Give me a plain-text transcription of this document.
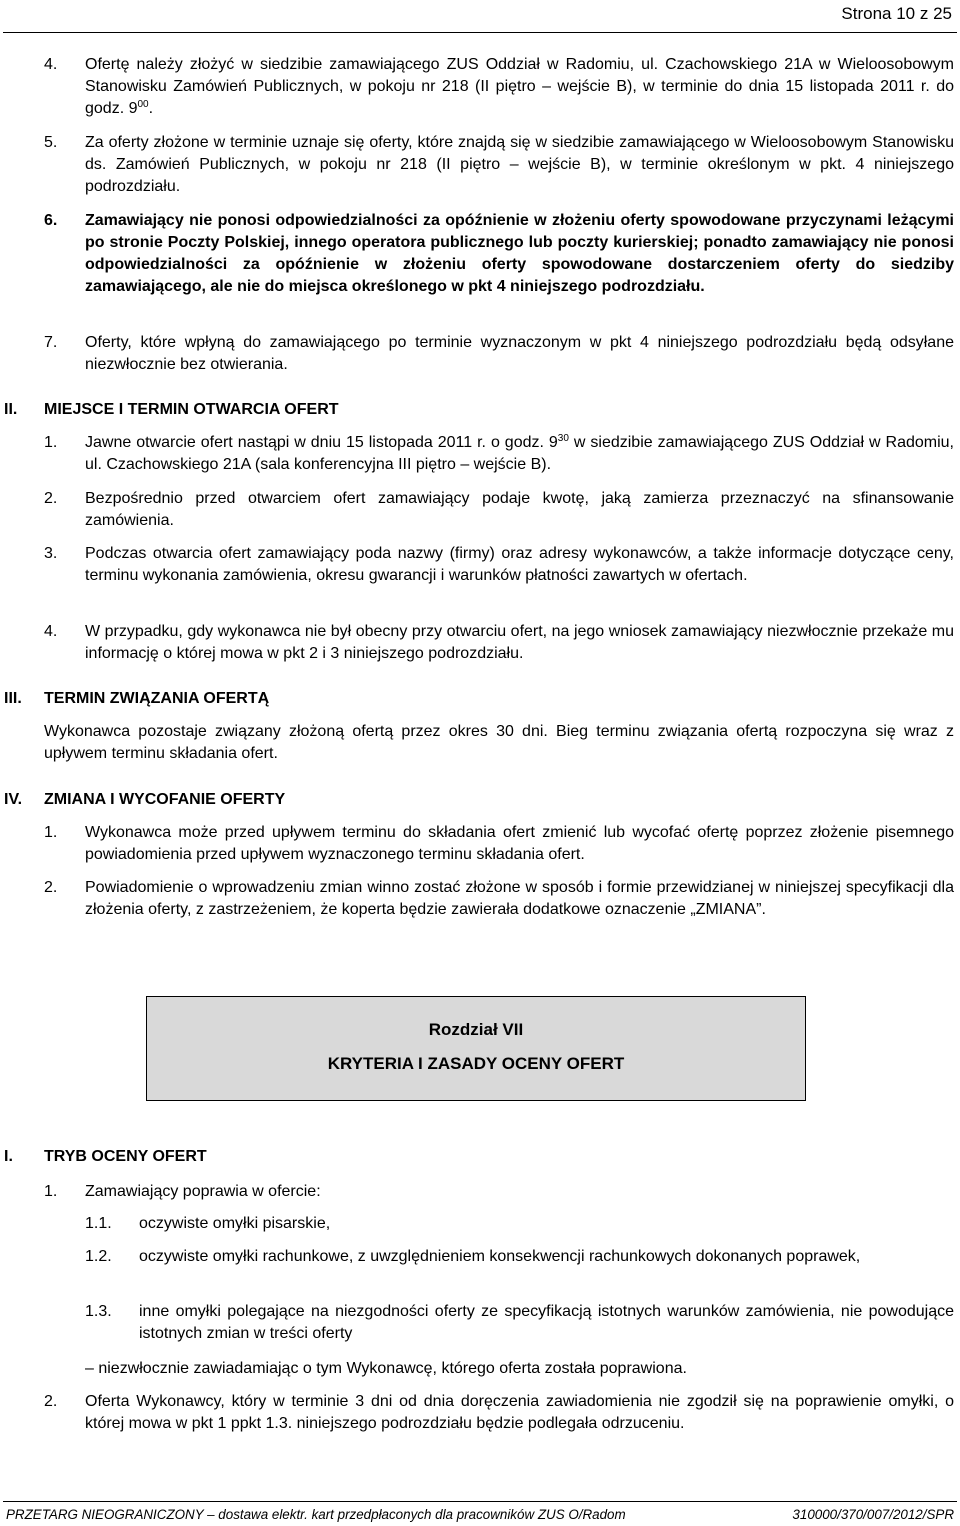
Strona 10 z 25
4. Ofertę należy złożyć w siedzibie zamawiającego ZUS Oddział w Radomiu, ul. Czachowskiego 21A w Wieloosobowym Stanowisku Zamówień Publicznych, w pokoju nr 218 (II piętro – wejście B), w terminie do dnia 15 listopada 2011 r. do godz. $9^{00}$.
5. Za oferty złożone w terminie uznaje się oferty, które znajdą się w siedzibie zamawiającego w Wieloosobowym Stanowisku ds. Zamówień Publicznych, w pokoju nr 218 (II piętro – wejście B), w terminie określonym w pkt. 4 niniejszego podrozdziału.
6. Zamawiający nie ponosi odpowiedzialności za opóźnienie w złożeniu oferty spowodowane przyczynami leżącymi po stronie Poczty Polskiej, innego operatora publicznego lub poczty kurierskiej; ponadto zamawiający nie ponosi odpowiedzialności za opóźnienie w złożeniu oferty spowodowane dostarczeniem oferty do siedziby zamawiającego, ale nie do miejsca określonego w pkt 4 niniejszego podrozdziału.
7. Oferty, które wpłyną do zamawiającego po terminie wyznaczonym w pkt 4 niniejszego podrozdziału będą odsyłane niezwłocznie bez otwierania.
II. MIEJSCE I TERMIN OTWARCIA OFERT
1. Jawne otwarcie ofert nastąpi w dniu 15 listopada 2011 r. o godz. $9^{30}$ w siedzibie zamawiającego ZUS Oddział w Radomiu, ul. Czachowskiego 21A (sala konferencyjna III piętro – wejście B).
2. Bezpośrednio przed otwarciem ofert zamawiający podaje kwotę, jaką zamierza przeznaczyć na sfinansowanie zamówienia.
3. Podczas otwarcia ofert zamawiający poda nazwy (firmy) oraz adresy wykonawców, a także informacje dotyczące ceny, terminu wykonania zamówienia, okresu gwarancji i warunków płatności zawartych w ofertach.
4. W przypadku, gdy wykonawca nie był obecny przy otwarciu ofert, na jego wniosek zamawiający niezwłocznie przekaże mu informację o której mowa w pkt 2 i 3 niniejszego podrozdziału.
III. TERMIN ZWIĄZANIA OFERTĄ
Wykonawca pozostaje związany złożoną ofertą przez okres 30 dni. Bieg terminu związania ofertą rozpoczyna się wraz z upływem terminu składania ofert.
IV. ZMIANA I WYCOFANIE OFERTY
1. Wykonawca może przed upływem terminu do składania ofert zmienić lub wycofać ofertę poprzez złożenie pisemnego powiadomienia przed upływem wyznaczonego terminu składania ofert.
2. Powiadomienie o wprowadzeniu zmian winno zostać złożone w sposób i formie przewidzianej w niniejszej specyfikacji dla złożenia oferty, z zastrzeżeniem, że koperta będzie zawierała dodatkowe oznaczenie „ZMIANA”.
Rozdział VII
KRYTERIA I ZASADY OCENY OFERT
I. TRYB OCENY OFERT
1. Zamawiający poprawia w ofercie:
1.1. oczywiste omyłki pisarskie,
1.2. oczywiste omyłki rachunkowe, z uwzględnieniem konsekwencji rachunkowych dokonanych poprawek,
1.3. inne omyłki polegające na niezgodności oferty ze specyfikacją istotnych warunków zamówienia, nie powodujące istotnych zmian w treści oferty
– niezwłocznie zawiadamiając o tym Wykonawcę, którego oferta została poprawiona.
2. Oferta Wykonawcy, który w terminie 3 dni od dnia doręczenia zawiadomienia nie zgodził się na poprawienie omyłki, o której mowa w pkt 1 ppkt 1.3. niniejszego podrozdziału będzie podlegała odrzuceniu.
PRZETARG NIEOGRANICZONY – dostawa elektr. kart przedpłaconych dla pracowników ZUS O/Radom	310000/370/007/2012/SPR
